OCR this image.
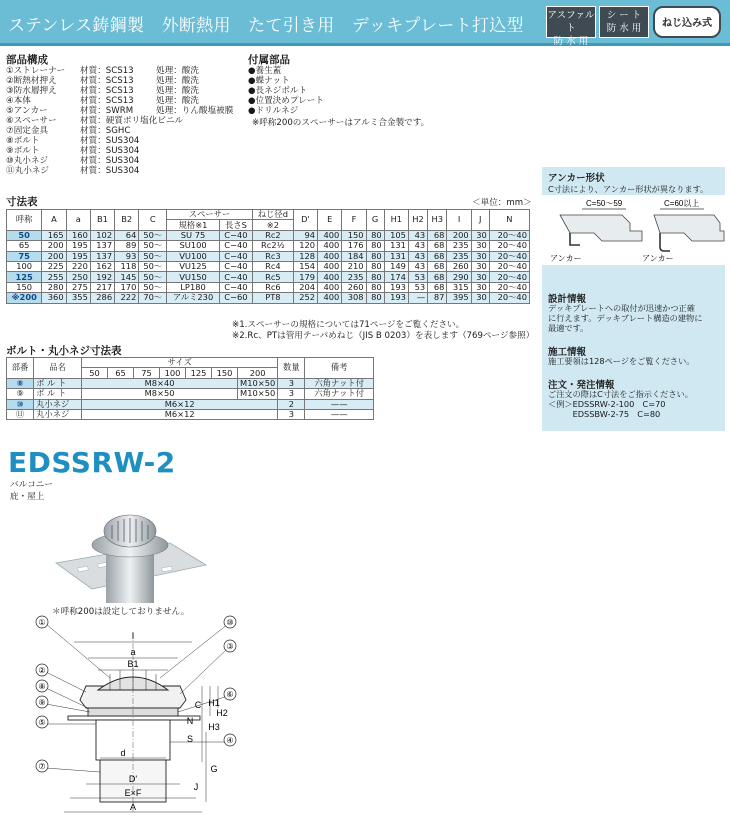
ステンレス鋳鋼製　外断熱用　たて引き用　デッキプレート打込型
アスファルト
防 水 用
シ ー ト
防 水 用	ねじ込み式
部品構成
①ストレーナー 材質：SCS13	処理：酸洗
②断熱材押え	材質：SCS13	処理：酸洗
③防水層押え	材質：SCS13	処理：酸洗
④本体	材質：SCS13	処理：酸洗
⑤アンカー	材質：SWRM	処理：りん酸塩被膜
⑥スペーサー	材質：硬質ポリ塩化ビニル
⑦固定金具	材質：SGHC
⑧ボルト	材質：SUS304
⑨ボルト	材質：SUS304
⑩丸小ネジ	材質：SUS304
⑪丸小ネジ	材質：SUS304
付属部品
●養生蓋
●蝶ナット
●長ネジボルト
●位置決めプレート
●ドリルネジ
※呼称200のスペーサーはアルミ合金製です。
寸法表	＜単位：mm＞
呼称	A	a	B1	B2	C	スペーサー		ねじ径d	D'	E	F	G	H1	H2	H3	I	J	N
						規格※1	長さS	※2										
50	165	160	102	64	50〜	SU 75	C−40	Rc2	94	400	150	80	105	43	68	200	30	20〜40
65	200	195	137	89	50〜	SU100	C−40	Rc2½	120	400	176	80	131	43	68	235	30	20〜40
75	200	195	137	93	50〜	VU100	C−40	Rc3	128	400	184	80	131	43	68	235	30	20〜40
100	225	220	162	118	50〜	VU125	C−40	Rc4	154	400	210	80	149	43	68	260	30	20〜40
125	255	250	192	145	50〜	VU150	C−40	Rc5	179	400	235	80	174	53	68	290	30	20〜40
150	280	275	217	170	50〜	LP180	C−40	Rc6	204	400	260	80	193	53	68	315	30	20〜40
※200	360	355	286	222	70〜	アルミ230	C−60	PT8	252	400	308	80	193	—	87	395	30	20〜40
※1.スペーサーの規格については71ページをご覧ください。
※2.Rc、PTは管用テーパめねじ（JIS B 0203）を表します（769ページ参照）
ボルト・丸小ネジ寸法表
部番	品名	サイズ							数量	備考
		50	65	75	100	125	150	200		
⑧	ボ ル ト	M8×40						M10×50	3	六角ナット付
⑨	ボ ル ト	M8×50						M10×50	3	六角ナット付
⑩	丸小ネジ	M6×12							2	——
⑪	丸小ネジ	M6×12							3	——
アンカー形状
C寸法により、アンカー形状が異なります。
C=50〜59	C=60以上
アンカー	アンカー
設計情報
デッキプレートへの取付が迅速かつ正確
に行えます。デッキプレート構造の建物に
最適です。
施工情報
施工要領は128ページをご覧ください。
注文・発注情報
ご注文の際はC寸法をご指示ください。
＜例＞EDSSRW-2-100　C=70
　　　EDSSBW-2-75　C=80
EDSSRW-2
バルコニー
庇・屋上
＊呼称200は設定しておりません。
①
②
⑧
⑨
⑤
⑦
⑩
③
⑥
④
I
a
B1
N
S
C H1
H2
H3
G
d
D'
E×F
A
J
